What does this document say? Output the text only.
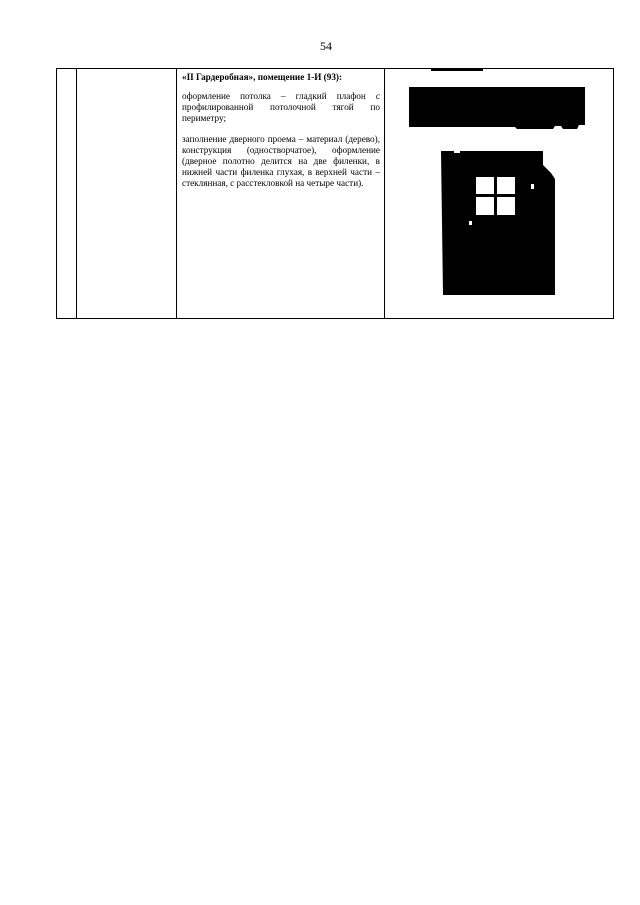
54

«II Гардеробная», помещение 1-И (93):

оформление потолка – гладкий плафон с профилированной потолочной тягой по периметру;

заполнение дверного проема – материал (дерево), конструкция (одностворчатое), оформление (дверное полотно делится на две филенки, в нижней части филенка глухая, в верхней части – стеклянная, с расстекловкой на четыре части).
